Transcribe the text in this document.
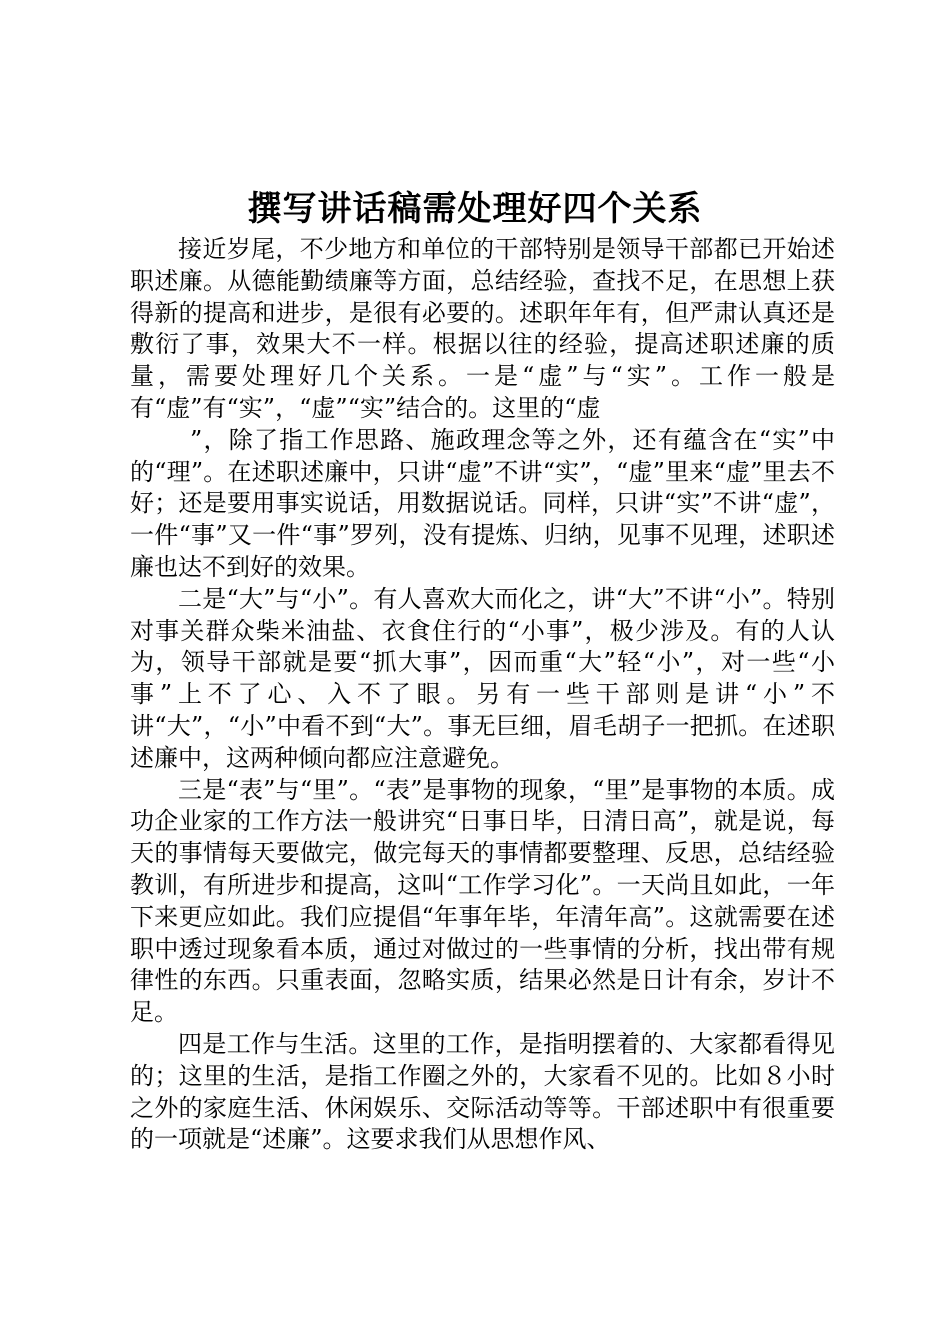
撰写讲话稿需处理好四个关系

接近岁尾，不少地方和单位的干部特别是领导干部都已开始述职述廉。从德能勤绩廉等方面，总结经验，查找不足，在思想上获得新的提高和进步，是很有必要的。述职年年有，但严肃认真还是敷衍了事，效果大不一样。根据以往的经验，提高述职述廉的质量，需要处理好几个关系。一是“虚”与“实”。工作一般是有“虚”有“实”，“虚”“实”结合的。这里的“虚

”，除了指工作思路、施政理念等之外，还有蕴含在“实”中的“理”。在述职述廉中，只讲“虚”不讲“实”，“虚”里来“虚”里去不好；还是要用事实说话，用数据说话。同样，只讲“实”不讲“虚”，一件“事”又一件“事”罗列，没有提炼、归纳，见事不见理，述职述廉也达不到好的效果。

二是“大”与“小”。有人喜欢大而化之，讲“大”不讲“小”。特别对事关群众柴米油盐、衣食住行的“小事”，极少涉及。有的人认为，领导干部就是要“抓大事”，因而重“大”轻“小”，对一些“小事”上不了心、入不了眼。另有一些干部则是讲“小”不讲“大”，“小”中看不到“大”。事无巨细，眉毛胡子一把抓。在述职述廉中，这两种倾向都应注意避免。

三是“表”与“里”。“表”是事物的现象，“里”是事物的本质。成功企业家的工作方法一般讲究“日事日毕，日清日高”，就是说，每天的事情每天要做完，做完每天的事情都要整理、反思，总结经验教训，有所进步和提高，这叫“工作学习化”。一天尚且如此，一年下来更应如此。我们应提倡“年事年毕，年清年高”。这就需要在述职中透过现象看本质，通过对做过的一些事情的分析，找出带有规律性的东西。只重表面，忽略实质，结果必然是日计有余，岁计不足。

四是工作与生活。这里的工作，是指明摆着的、大家都看得见的；这里的生活，是指工作圈之外的，大家看不见的。比如８小时之外的家庭生活、休闲娱乐、交际活动等等。干部述职中有很重要的一项就是“述廉”。这要求我们从思想作风、
